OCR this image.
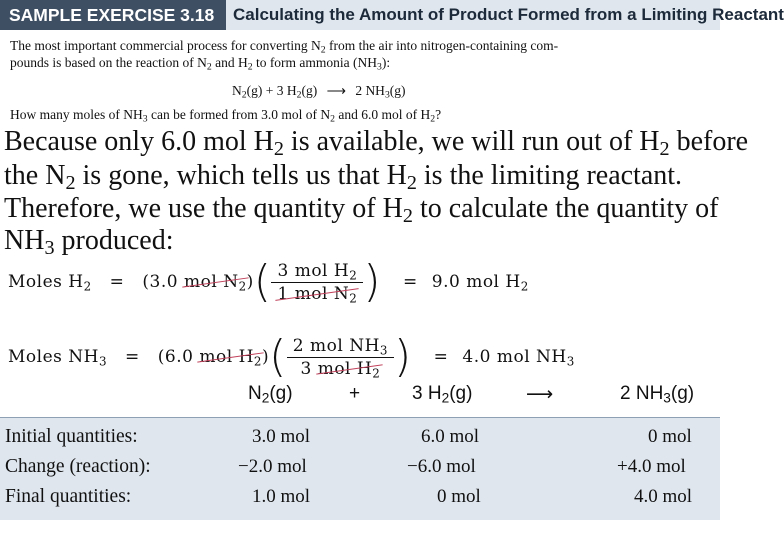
SAMPLE EXERCISE 3.18	Calculating the Amount of Product Formed from a Limiting Reactant
The most important commercial process for converting $N_2$ from the air into nitrogen-containing com-
pounds is based on the reaction of $N_2$ and $H_2$ to form ammonia $(NH_3)$:
$N_2(g) + 3$ $H_2(g)$ ⟶ 2 $NH_3(g)$
How many moles of $NH_3$ can be formed from 3.0 mol of $N_2$ and 6.0 mol of $H_2$?
Because only 6.0 mol $H_2$ is available, we will run out of $H_2$ before
the $N_2$ is gone, which tells us that $H_2$ is the limiting reactant.
Therefore, we use the quantity of $H_2$ to calculate the quantity of
$NH_3$ produced:
Moles $H_2 = (3.0$ mol $N_2$) ( $\frac{3 mol H_2}{1 mol N_2}$ ) = 9.0 mol $H_2$
Moles $NH_3 = (6.0$ mol $H_2$) ( $\frac{2 mol NH_3}{3 mol H_2}$ ) = 4.0 mol $NH_3$
$N_2(g)$	+	3 $H_2(g)$	⟶	2 $NH_3(g)$
Initial quantities:	3.0 mol	6.0 mol	0 mol
Change (reaction):	−2.0 mol	−6.0 mol	+4.0 mol
Final quantities:	1.0 mol	0 mol	4.0 mol
